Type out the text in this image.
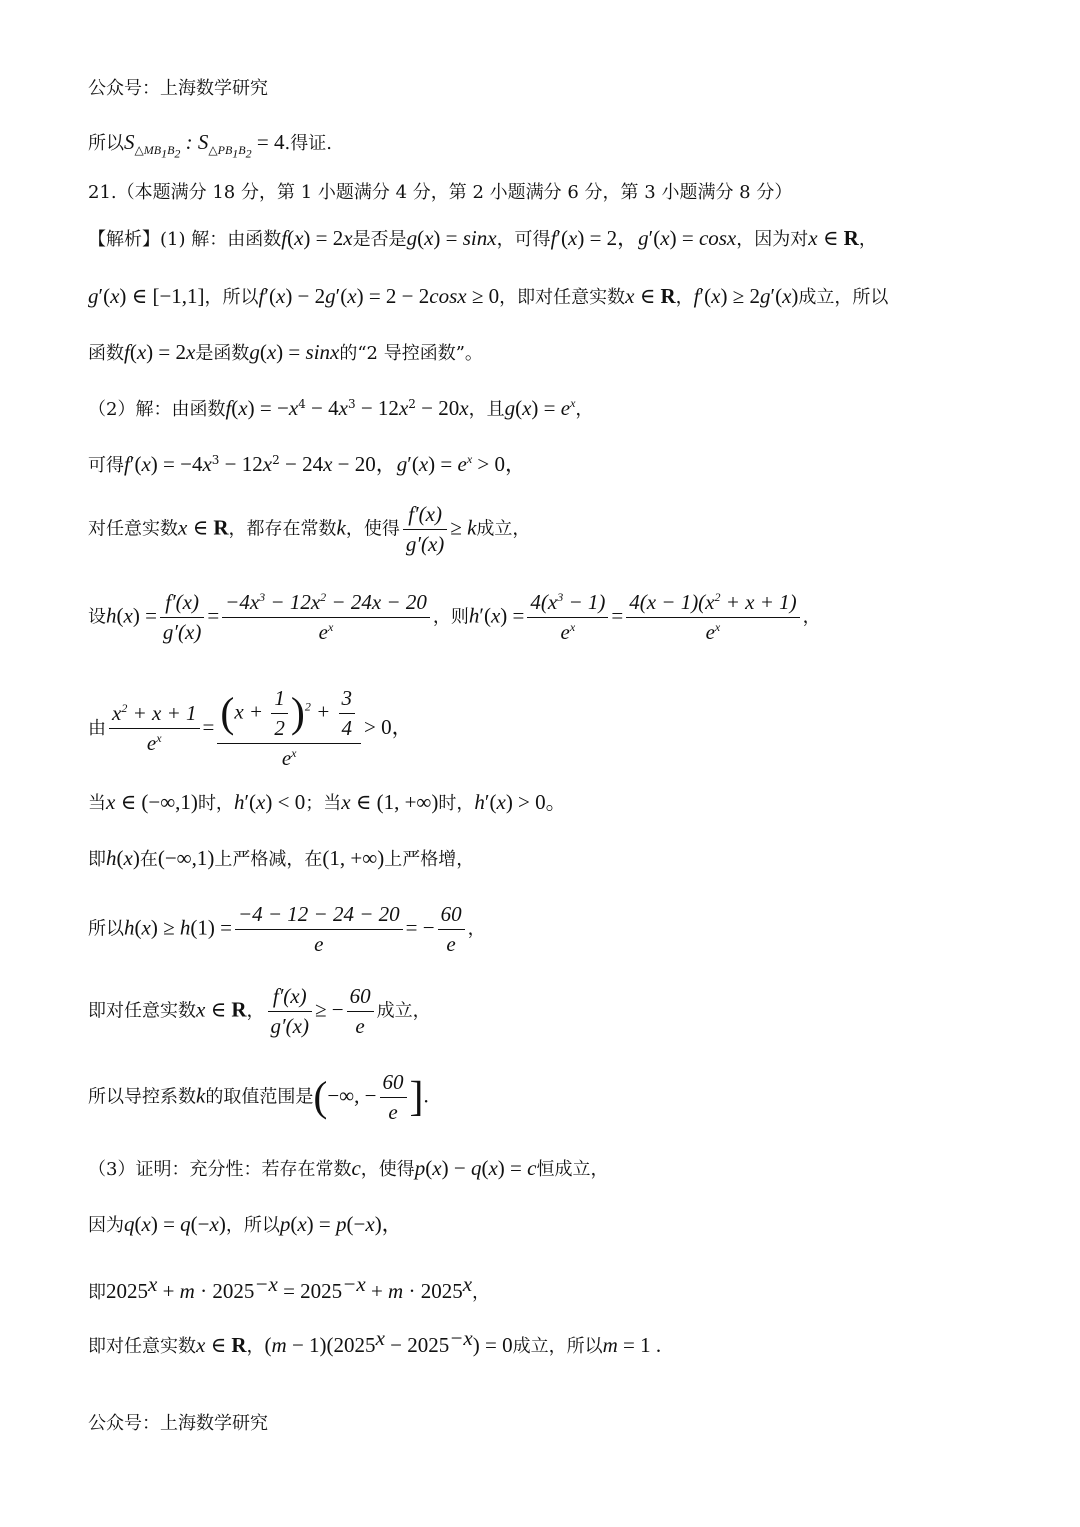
公众号：上海数学研究
所以$S_{\triangle MB_1B_2}$ : $S_{\triangle PB_1B_2} = 4$.得证.
21.（本题满分 18 分，第 1 小题满分 4 分，第 2 小题满分 6 分，第 3 小题满分 8 分）
【解析】(1) 解：由函数f(x) = 2x是否是g(x) = sinx，可得f′(x) = 2，g′(x) = cosx，因为对x ∈ R，
g′(x) ∈ [−1,1]，所以f′(x) − 2g′(x) = 2 − 2cosx ≥ 0，即对任意实数x ∈ R，f′(x) ≥ 2g′(x)成立，所以
函数f(x) = 2x是函数g(x) = sinx的“2 导控函数”。
（2）解：由函数$f(x) = -x^4 - 4x^3 - 12x^2 - 20x$，且$g(x) = e^x$，
可得$f'(x) = -4x^3 - 12x^2 - 24x - 20$，$g'(x) = e^x > 0$，
对任意实数x ∈ R，都存在常数k，使得 $\frac{f'(x)}{g'(x)} \ge k$成立，
设$h(x) = \frac{f'(x)}{g'(x)} = \frac{-4x^3 - 12x^2 - 24x - 20}{e^x}$ ，则$h'(x) = \frac{4(x^3 - 1)}{e^x} = \frac{4(x - 1)(x^2 + x + 1)}{e^x}$ ，
由 $\frac{x^2 + x + 1}{e^x} = \frac{(x + \frac{1}{2} )^2 + \frac{3}{4}}{e^x} > 0$，
当x ∈ (−∞,1)时，h′(x) < 0；当x ∈ (1, +∞)时，h′(x) > 0。
即h(x)在(−∞,1)上严格减，在(1, +∞)上严格增，
所以$h(x) \ge h(1) = \frac{-4 - 12 - 24 - 20}{e}$ = − $\frac{60}{e}$ ，
即对任意实数x ∈ R， $\frac{f'(x)}{g'(x)}$ ≥ − $\frac{60}{e}$ 成立，
所以导控系数k的取值范围是(−∞, − $\frac{60}{e}$ ].
（3）证明：充分性：若存在常数c，使得p(x) − q(x) = c恒成立，
因为q(x) = q(−x)，所以p(x) = p(−x)，
即$2025^x + m \cdot 2025^{-x} = 2025^{-x} + m \cdot 2025^x$，
即对任意实数x ∈ R，$(m - 1)(2025^x - 2025^{-x}) = 0$成立，所以m = 1 .
公众号：上海数学研究
